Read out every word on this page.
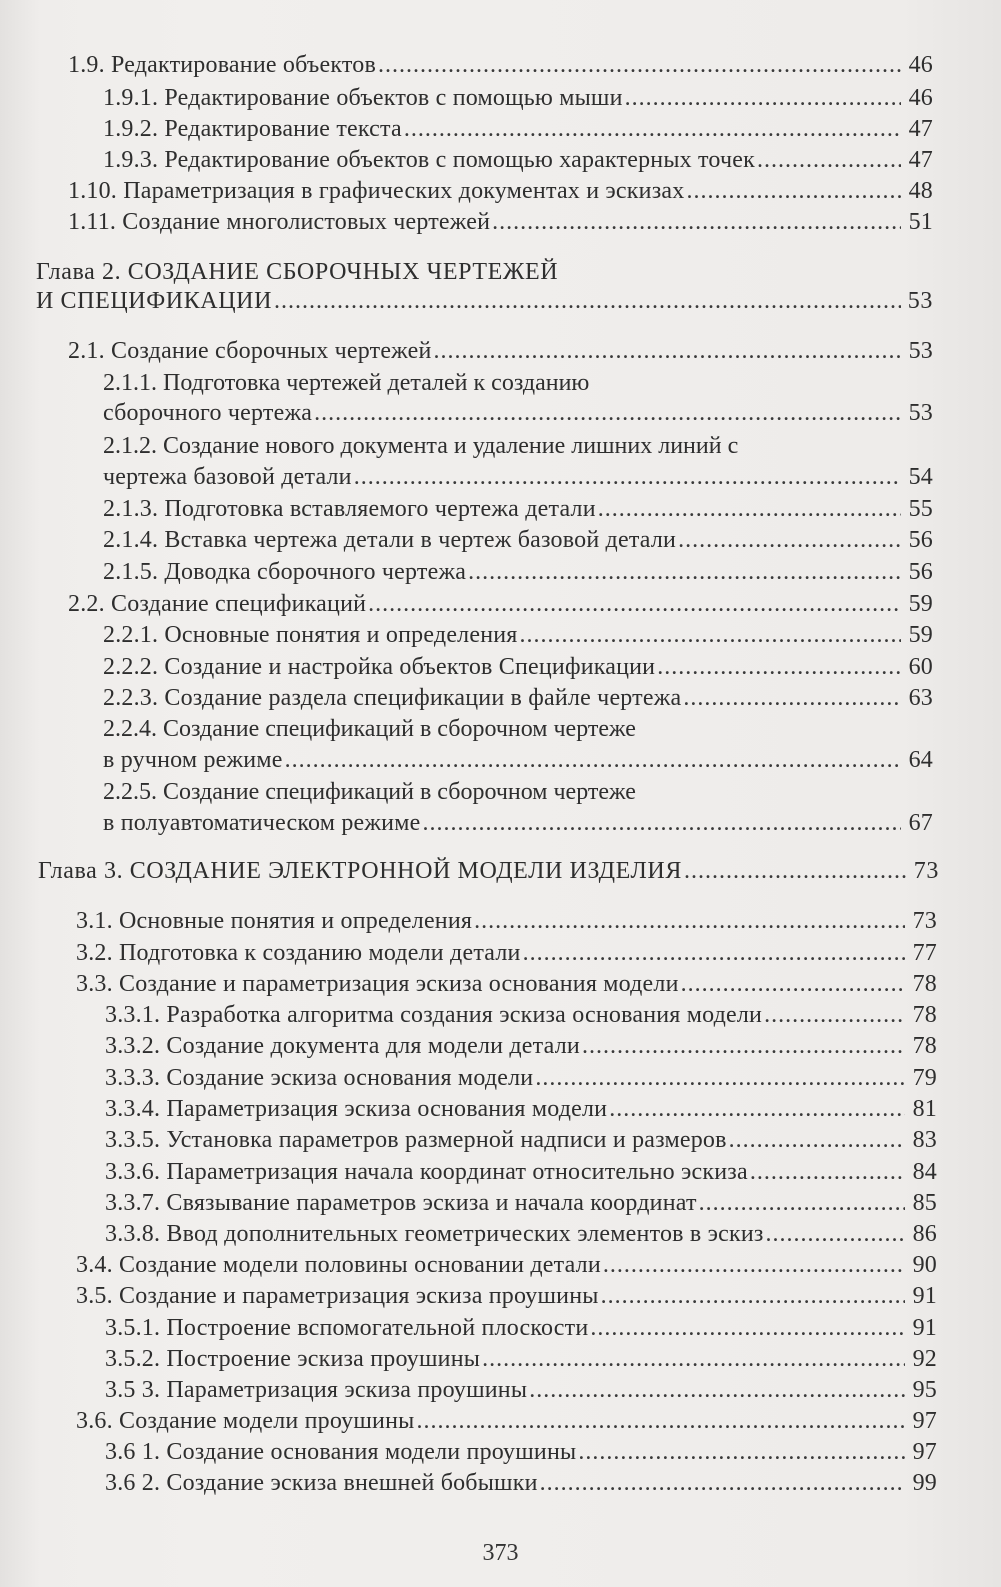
1.9. Редактирование объектов .....	46
1.9.1. Редактирование объектов с помощью мыши .....	46
1.9.2. Редактирование текста .....	47
1.9.3. Редактирование объектов с помощью характерных точек .....	47
1.10. Параметризация в графических документах и эскизах .....	48
1.11. Создание многолистовых чертежей .....	51
Глава 2. СОЗДАНИЕ СБОРОЧНЫХ ЧЕРТЕЖЕЙ
И СПЕЦИФИКАЦИИ .....	53
2.1. Создание сборочных чертежей .....	53
2.1.1. Подготовка чертежей деталей к созданию
сборочного чертежа .....	53
2.1.2. Создание нового документа и удаление лишних линий с
чертежа базовой детали .....	54
2.1.3. Подготовка вставляемого чертежа детали .....	55
2.1.4. Вставка чертежа детали в чертеж базовой детали .....	56
2.1.5. Доводка сборочного чертежа .....	56
2.2. Создание спецификаций .....	59
2.2.1. Основные понятия и определения .....	59
2.2.2. Создание и настройка объектов Спецификации .....	60
2.2.3. Создание раздела спецификации в файле чертежа .....	63
2.2.4. Создание спецификаций в сборочном чертеже
в ручном режиме .....	64
2.2.5. Создание спецификаций в сборочном чертеже
в полуавтоматическом режиме .....	67
Глава 3. СОЗДАНИЕ ЭЛЕКТРОННОЙ МОДЕЛИ ИЗДЕЛИЯ .....	73
3.1. Основные понятия и определения .....	73
3.2. Подготовка к созданию модели детали .....	77
3.3. Создание и параметризация эскиза основания модели .....	78
3.3.1. Разработка алгоритма создания эскиза основания модели .....	78
3.3.2. Создание документа для модели детали .....	78
3.3.3. Создание эскиза основания модели .....	79
3.3.4. Параметризация эскиза основания модели .....	81
3.3.5. Установка параметров размерной надписи и размеров .....	83
3.3.6. Параметризация начала координат относительно эскиза .....	84
3.3.7. Связывание параметров эскиза и начала координат .....	85
3.3.8. Ввод дополнительных геометрических элементов в эскиз .....	86
3.4. Создание модели половины основании детали .....	90
3.5. Создание и параметризация эскиза проушины .....	91
3.5.1. Построение вспомогательной плоскости .....	91
3.5.2. Построение эскиза проушины .....	92
3.5 3. Параметризация эскиза проушины .....	95
3.6. Создание модели проушины .....	97
3.6 1. Создание основания модели проушины .....	97
3.6 2. Создание эскиза внешней бобышки .....	99
373
